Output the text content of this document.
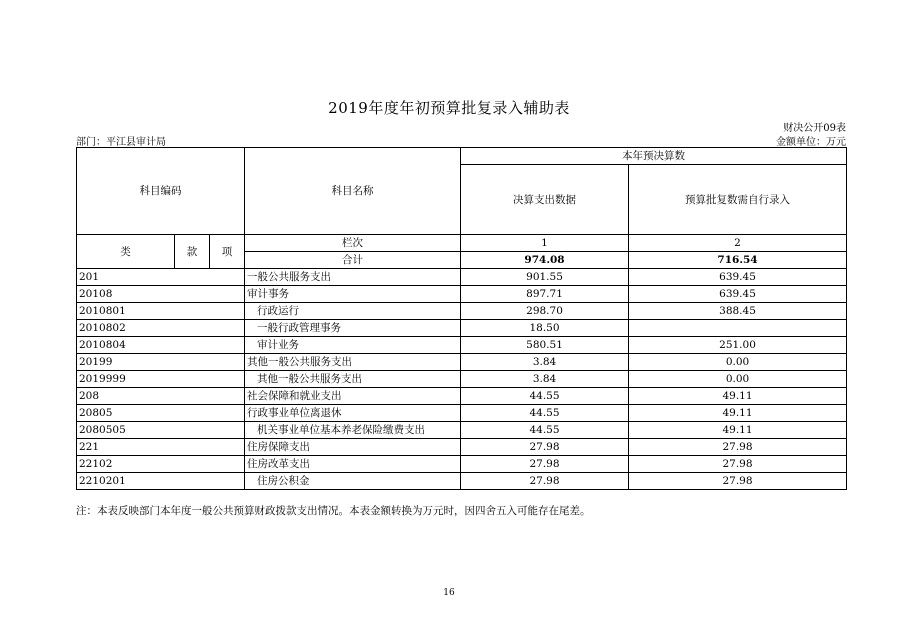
2019年度年初预算批复录入辅助表
财决公开09表
金额单位：万元
部门：平江县审计局
科目编码			科目名称	本年预决算数	
				决算支出数据	预算批复数需自行录入
类	款	项	栏次	1	2
			合计	974.08	716.54
201			一般公共服务支出	901.55	639.45
20108			审计事务	897.71	639.45
2010801			行政运行	298.70	388.45
2010802			一般行政管理事务	18.50	
2010804			审计业务	580.51	251.00
20199			其他一般公共服务支出	3.84	0.00
2019999			其他一般公共服务支出	3.84	0.00
208			社会保障和就业支出	44.55	49.11
20805			行政事业单位离退休	44.55	49.11
2080505			机关事业单位基本养老保险缴费支出	44.55	49.11
221			住房保障支出	27.98	27.98
22102			住房改革支出	27.98	27.98
2210201			住房公积金	27.98	27.98
注：本表反映部门本年度一般公共预算财政拨款支出情况。本表金额转换为万元时，因四舍五入可能存在尾差。
16
